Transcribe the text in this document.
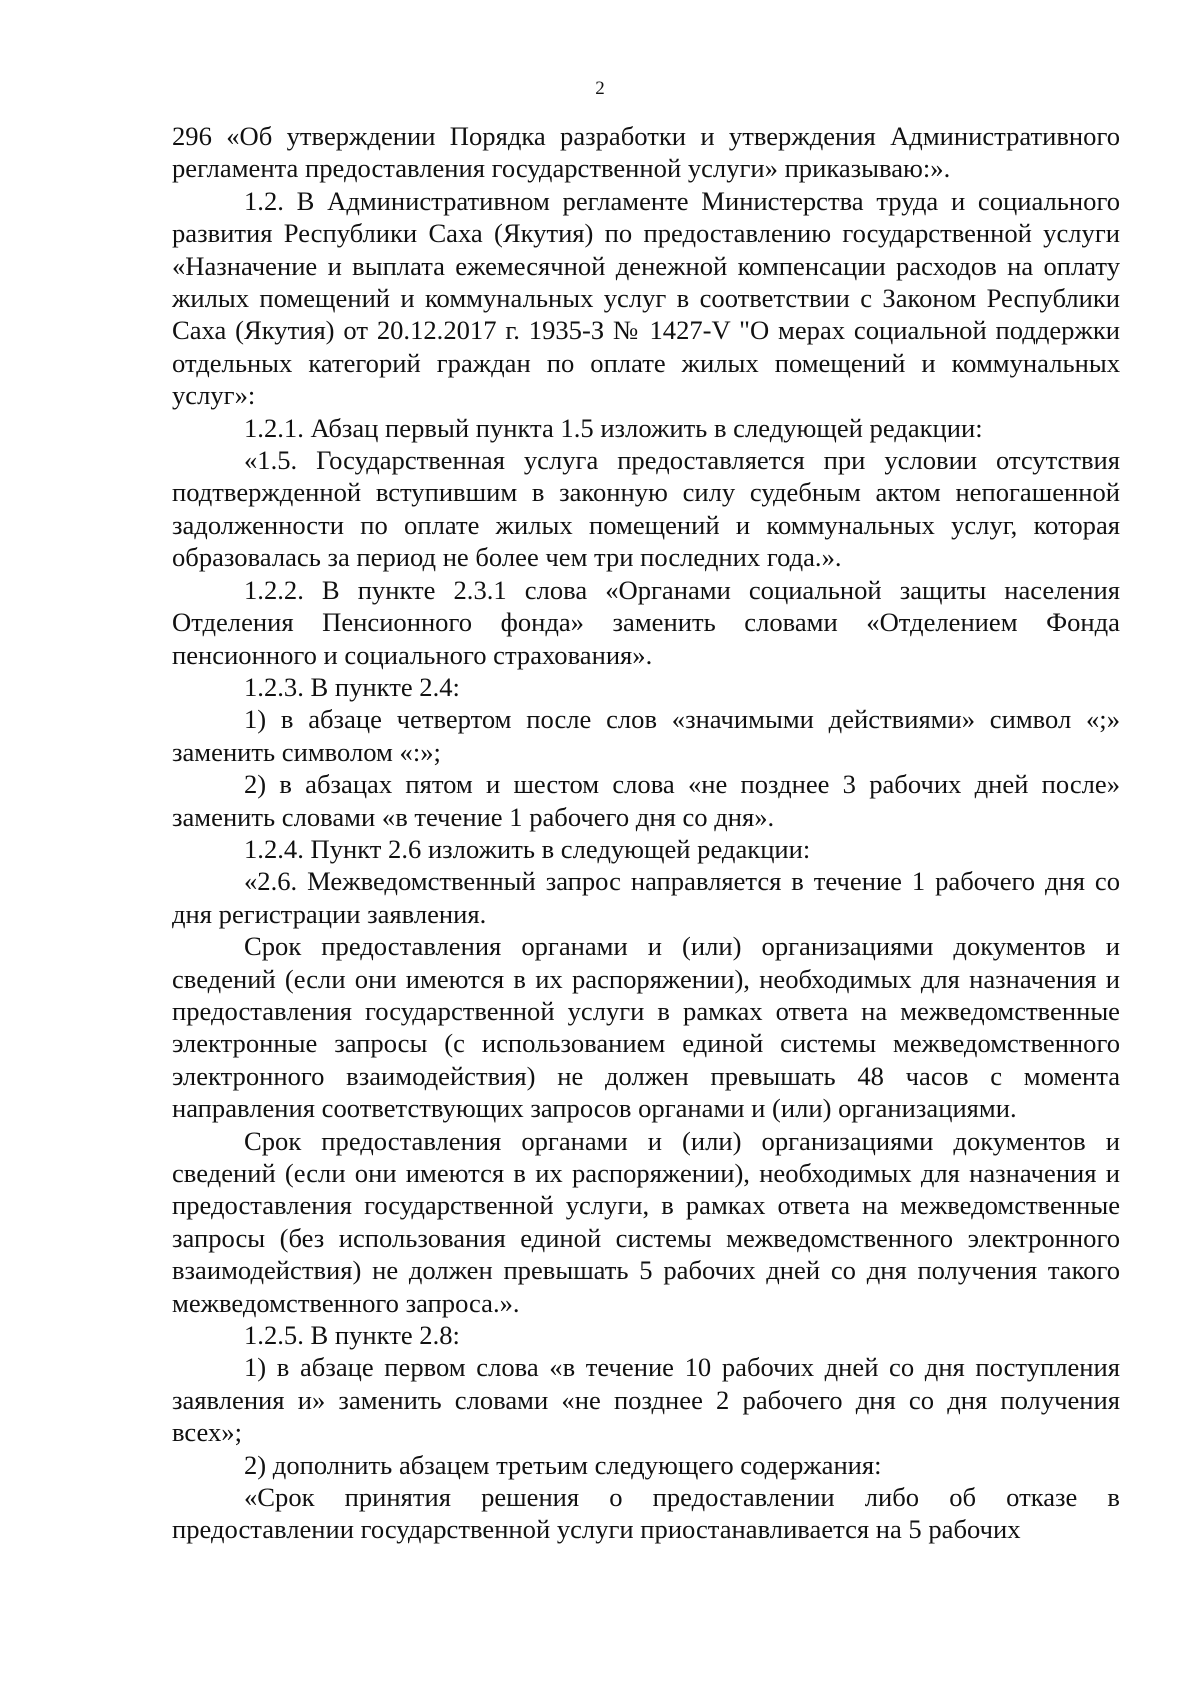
2

296 «Об утверждении Порядка разработки и утверждения Административного регламента предоставления государственной услуги» приказываю:».

1.2. В Административном регламенте Министерства труда и социального развития Республики Саха (Якутия) по предоставлению государственной услуги «Назначение и выплата ежемесячной денежной компенсации расходов на оплату жилых помещений и коммунальных услуг в соответствии с Законом Республики Саха (Якутия) от 20.12.2017 г. 1935-З № 1427-V "О мерах социальной поддержки отдельных категорий граждан по оплате жилых помещений и коммунальных услуг»:

1.2.1. Абзац первый пункта 1.5 изложить в следующей редакции:

«1.5. Государственная услуга предоставляется при условии отсутствия подтвержденной вступившим в законную силу судебным актом непогашенной задолженности по оплате жилых помещений и коммунальных услуг, которая образовалась за период не более чем три последних года.».

1.2.2. В пункте 2.3.1 слова «Органами социальной защиты населения Отделения Пенсионного фонда» заменить словами «Отделением Фонда пенсионного и социального страхования».

1.2.3. В пункте 2.4:

1) в абзаце четвертом после слов «значимыми действиями» символ «;» заменить символом «:»;

2) в абзацах пятом и шестом слова «не позднее 3 рабочих дней после» заменить словами «в течение 1 рабочего дня со дня».

1.2.4. Пункт 2.6 изложить в следующей редакции:

«2.6. Межведомственный запрос направляется в течение 1 рабочего дня со дня регистрации заявления.

Срок предоставления органами и (или) организациями документов и сведений (если они имеются в их распоряжении), необходимых для назначения и предоставления государственной услуги в рамках ответа на межведомственные электронные запросы (с использованием единой системы межведомственного электронного взаимодействия) не должен превышать 48 часов с момента направления соответствующих запросов органами и (или) организациями.

Срок предоставления органами и (или) организациями документов и сведений (если они имеются в их распоряжении), необходимых для назначения и предоставления государственной услуги, в рамках ответа на межведомственные запросы (без использования единой системы межведомственного электронного взаимодействия) не должен превышать 5 рабочих дней со дня получения такого межведомственного запроса.».

1.2.5. В пункте 2.8:

1) в абзаце первом слова «в течение 10 рабочих дней со дня поступления заявления и» заменить словами «не позднее 2 рабочего дня со дня получения всех»;

2) дополнить абзацем третьим следующего содержания:

«Срок принятия решения о предоставлении либо об отказе в предоставлении государственной услуги приостанавливается на 5 рабочих
